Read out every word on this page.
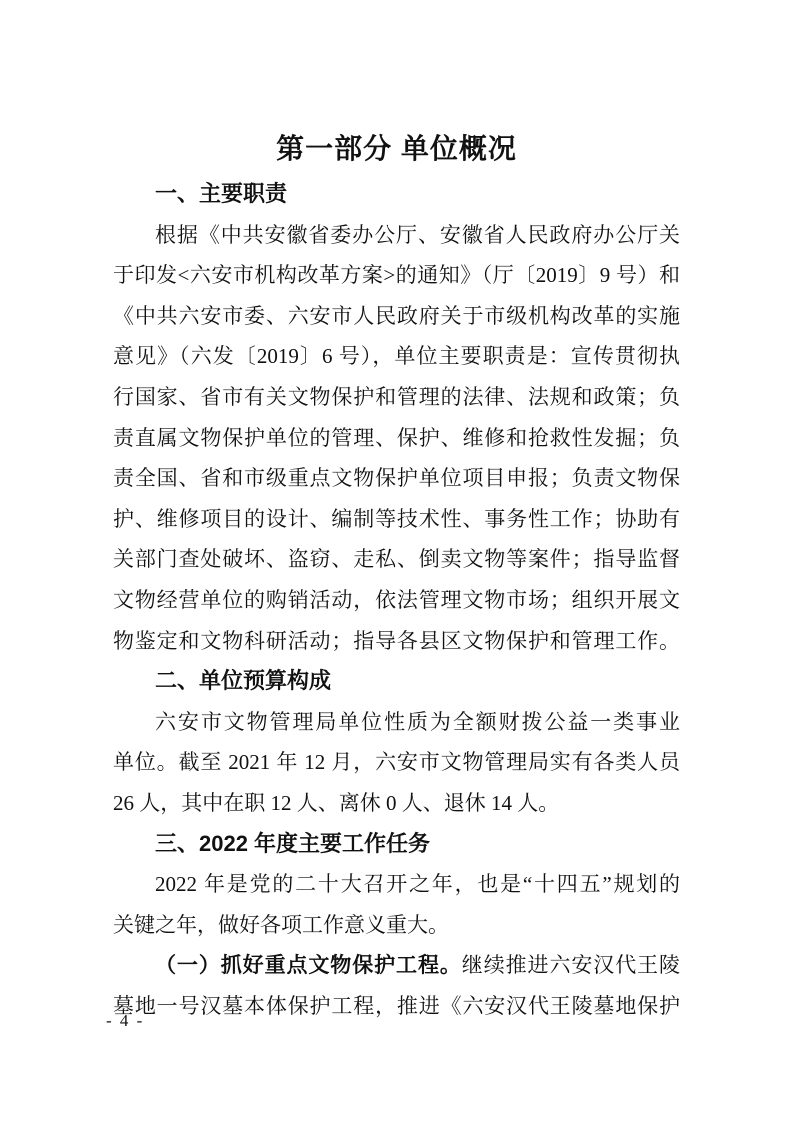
第一部分 单位概况
一、主要职责
根据《中共安徽省委办公厅、安徽省人民政府办公厅关
于印发<六安市机构改革方案>的通知》（厅〔2019〕9 号）和
《中共六安市委、六安市人民政府关于市级机构改革的实施
意见》（六发〔2019〕6 号），单位主要职责是：宣传贯彻执
行国家、省市有关文物保护和管理的法律、法规和政策；负
责直属文物保护单位的管理、保护、维修和抢救性发掘；负
责全国、省和市级重点文物保护单位项目申报；负责文物保
护、维修项目的设计、编制等技术性、事务性工作；协助有
关部门查处破坏、盗窃、走私、倒卖文物等案件；指导监督
文物经营单位的购销活动，依法管理文物市场；组织开展文
物鉴定和文物科研活动；指导各县区文物保护和管理工作。
二、单位预算构成
六安市文物管理局单位性质为全额财拨公益一类事业
单位。截至 2021 年 12 月，六安市文物管理局实有各类人员
26 人，其中在职 12 人、离休 0 人、退休 14 人。
三、2022 年度主要工作任务
2022 年是党的二十大召开之年，也是“十四五”规划的
关键之年，做好各项工作意义重大。
（一）抓好重点文物保护工程。继续推进六安汉代王陵
墓地一号汉墓本体保护工程，推进《六安汉代王陵墓地保护
- 4 -
